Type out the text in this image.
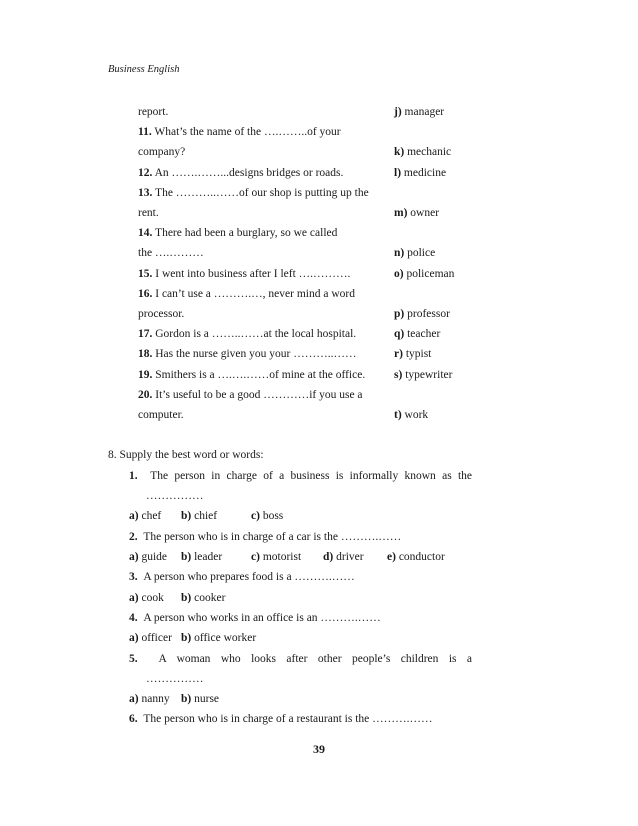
Business English
report.
11. What’s the name of the ….……..of your
company?
12. An …….……...designs bridges or roads.
13. The ………..……of our shop is putting up the
rent.
14. There had been a burglary, so we called
the ….………
15. I went into business after I left ….……….
16. I can’t use a ……….…, never mind a word
processor.
17. Gordon is a ……..……at the local hospital.
18. Has the nurse given you your ………..……
19. Smithers is a ….….……of mine at the office.
20. It’s useful to be a good …………if you use a
computer.
j) manager
k) mechanic
l) medicine
m) owner
n) police
o) policeman
p) professor
q) teacher
r) typist
s) typewriter
t) work
8. Supply the best word or words:
1. The person in charge of a business is informally known as the
……………
a) chef b) chief	c) boss
2. The person who is in charge of a car is the ……….……
a) guide b) leader	c) motorist d) driver e) conductor
3. A person who prepares food is a ……….……
a) cook b) cooker
4. A person who works in an office is an ……….……
a) officer b) office worker
5. A woman who looks after other people’s children is a
……………
a) nanny b) nurse
6. The person who is in charge of a restaurant is the ……….……
39
